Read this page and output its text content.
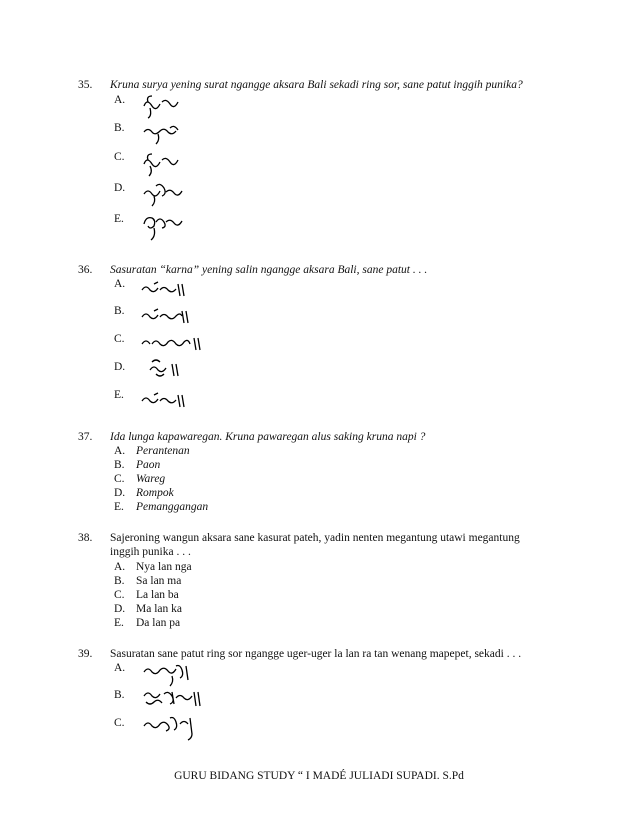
35.	Kruna surya yening surat ngangge aksara Bali sekadi ring sor, sane patut inggih punika?
A.
B.
C.
D.
E.
36.	Sasuratan “karna” yening salin ngangge aksara Bali, sane patut . . .
A.
B.
C.
D.
E.
37.	Ida lunga kapawaregan. Kruna pawaregan alus saking kruna napi ?
A. Perantenan
B. Paon
C. Wareg
D. Rompok
E. Pemanggangan
38.	Sajeroning wangun aksara sane kasurat pateh, yadin nenten megantung utawi megantung
inggih punika . . .
A. Nya lan nga
B. Sa lan ma
C. La lan ba
D. Ma lan ka
E. Da lan pa
39.	Sasuratan sane patut ring sor ngangge uger-uger la lan ra tan wenang mapepet, sekadi . . .
A.
B.
C.
GURU BIDANG STUDY “ I MADÉ JULIADI SUPADI. S.Pd
